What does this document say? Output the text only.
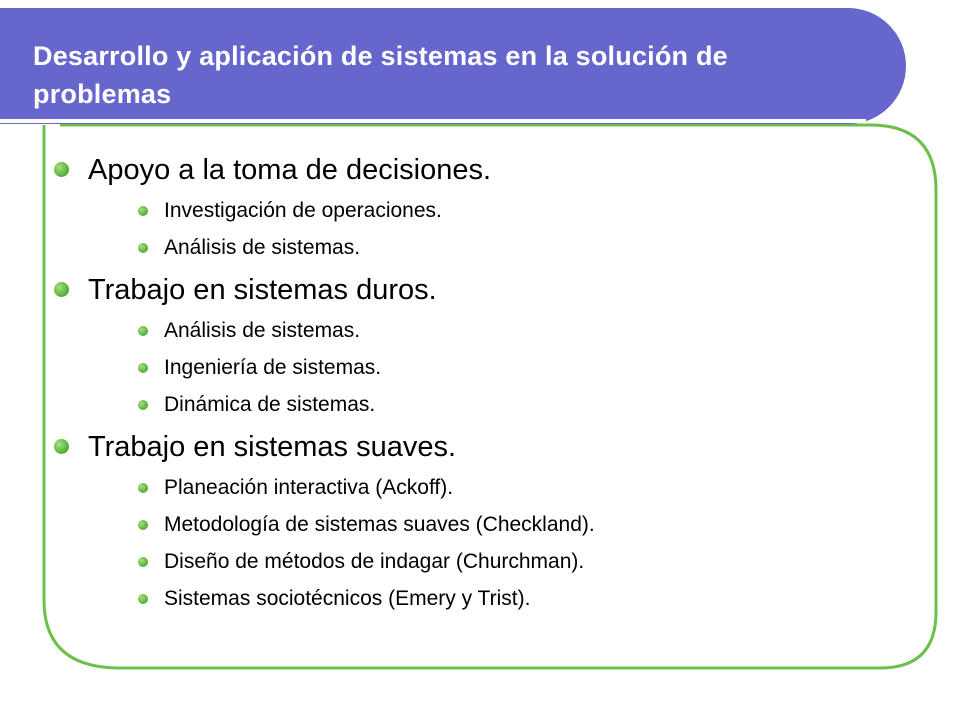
Desarrollo y aplicación de sistemas en la solución de problemas
Apoyo a la toma de decisiones.
Investigación de operaciones.
Análisis de sistemas.
Trabajo en sistemas duros.
Análisis de sistemas.
Ingeniería de sistemas.
Dinámica de sistemas.
Trabajo en sistemas suaves.
Planeación interactiva (Ackoff).
Metodología de sistemas suaves (Checkland).
Diseño de métodos de indagar (Churchman).
Sistemas sociotécnicos (Emery y Trist).
